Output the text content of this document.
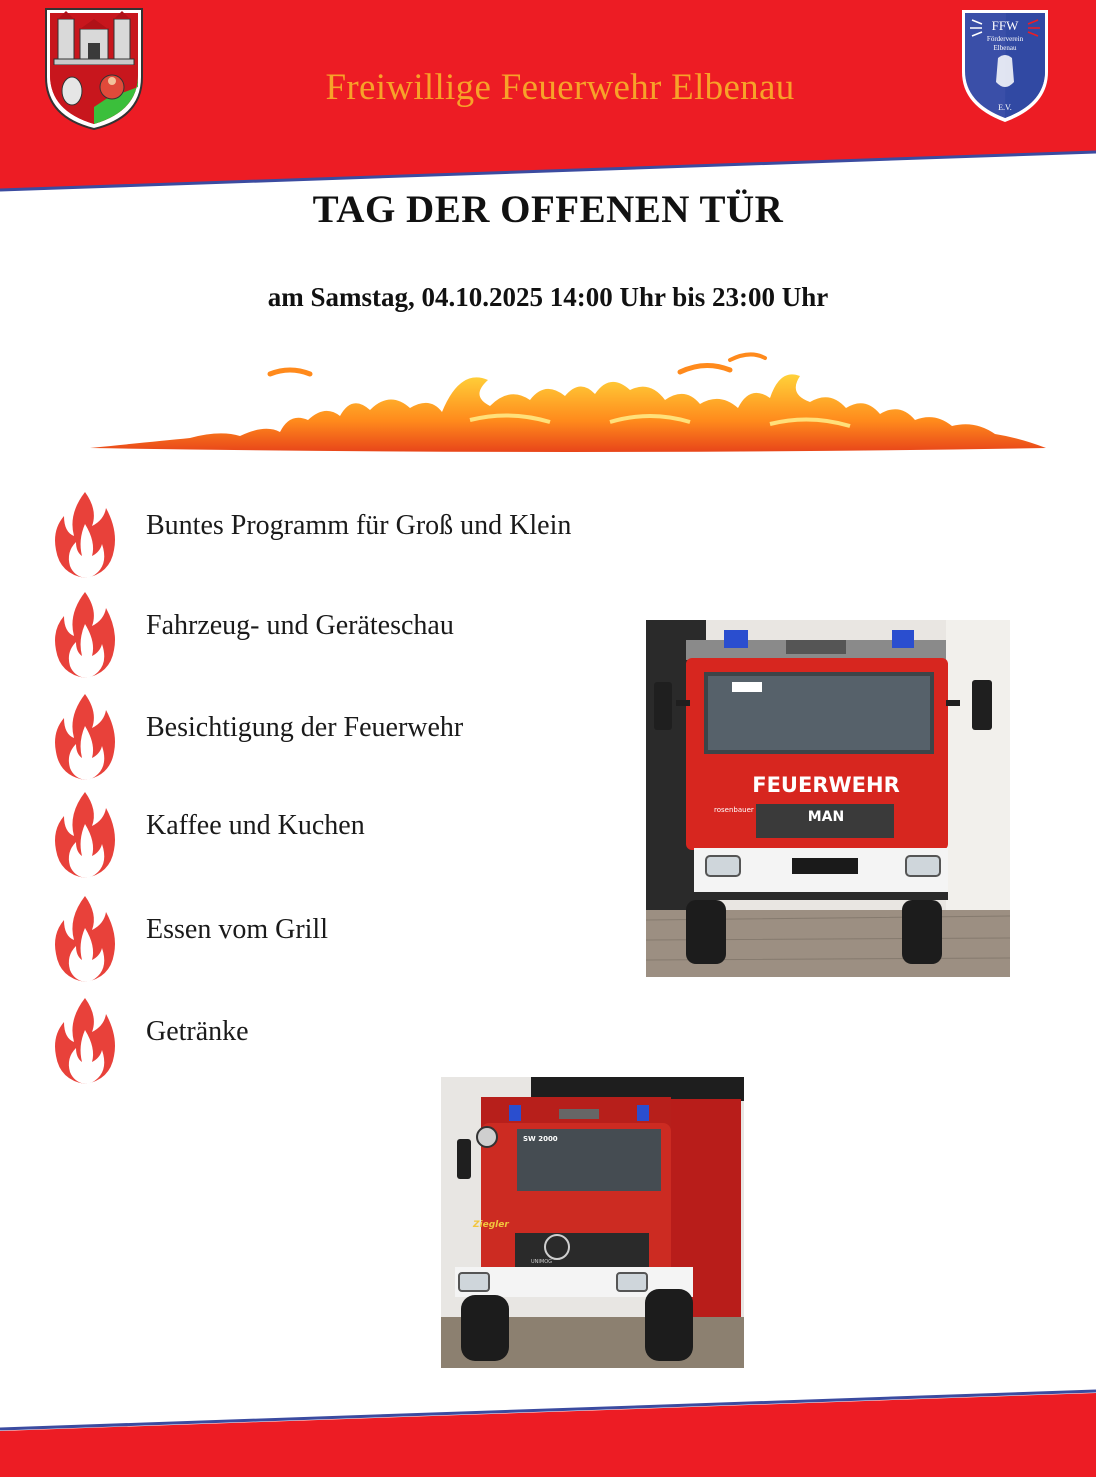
FFW
Förderverein
Elbenau
E.V.
Freiwillige Feuerwehr Elbenau
TAG DER OFFENEN TÜR
am Samstag, 04.10.2025 14:00 Uhr bis 23:00 Uhr
Buntes Programm für Groß und Klein
Fahrzeug- und Geräteschau
Besichtigung der Feuerwehr
Kaffee und Kuchen
Essen vom Grill
Getränke
FEUERWEHR
rosenbauer	MAN
SW 2000
Ziegler
UNIMOG
